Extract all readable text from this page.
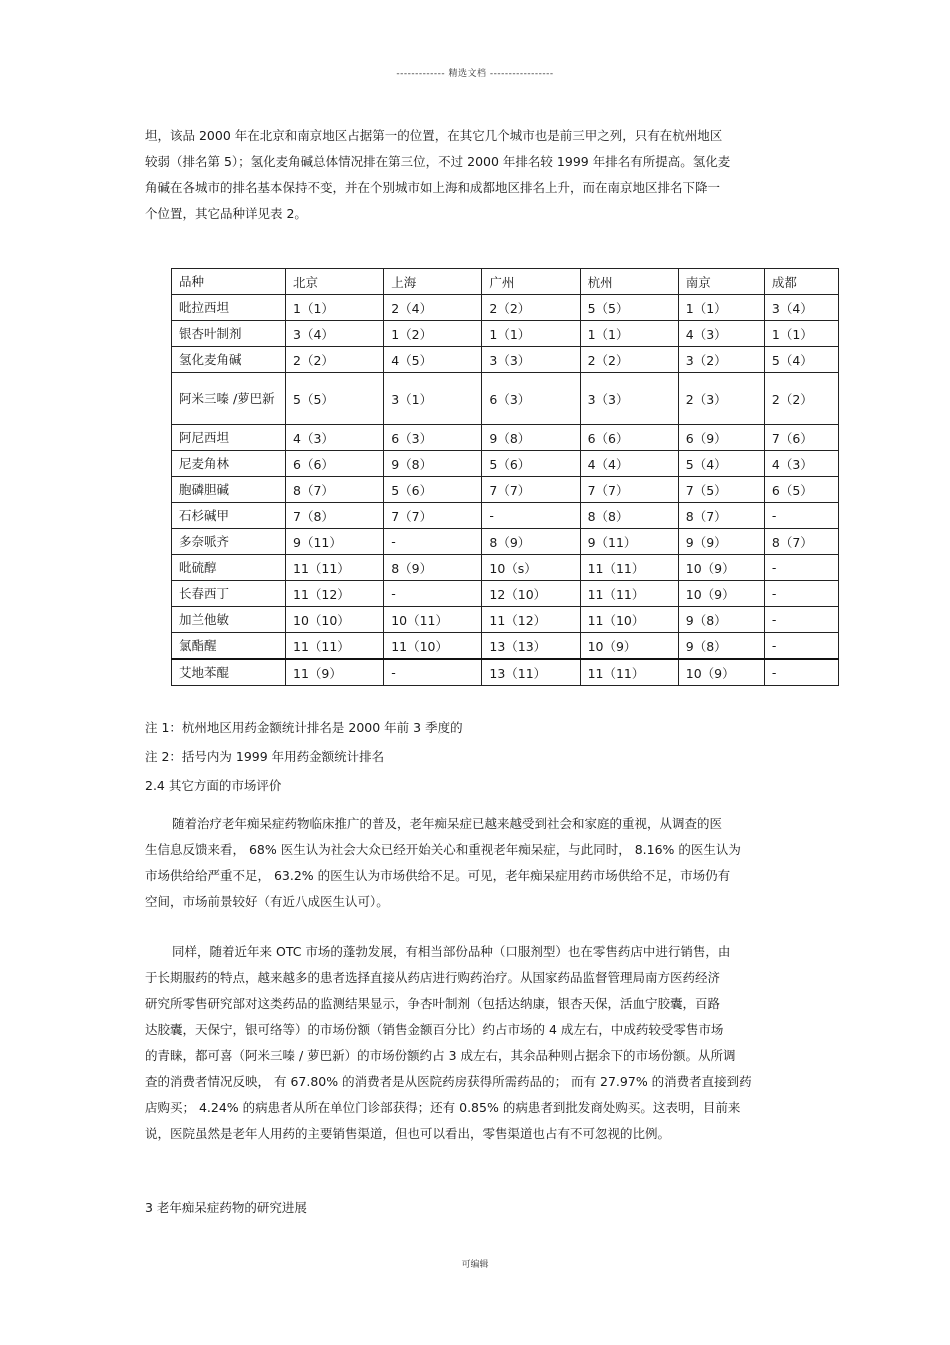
------------- 精选文档 -----------------
坦，该品 2000 年在北京和南京地区占据第一的位置，在其它几个城市也是前三甲之列，只有在杭州地区
较弱（排名第 5）；氢化麦角碱总体情况排在第三位，不过 2000 年排名较 1999 年排名有所提高。氢化麦
角碱在各城市的排名基本保持不变，并在个别城市如上海和成都地区排名上升，而在南京地区排名下降一
个位置，其它品种详见表 2。
品种	北京	上海	广州	杭州	南京	成都
吡拉西坦	1（1）	2（4）	2（2）	5（5）	1（1）	3（4）
银杏叶制剂	3（4）	1（2）	1（1）	1（1）	4（3）	1（1）
氢化麦角碱	2（2）	4（5）	3（3）	2（2）	3（2）	5（4）
阿米三嗪 /萝巴新	5（5）	3（1）	6（3）	3（3）	2（3）	2（2）
阿尼西坦	4（3）	6（3）	9（8）	6（6）	6（9）	7（6）
尼麦角林	6（6）	9（8）	5（6）	4（4）	5（4）	4（3）
胞磷胆碱	8（7）	5（6）	7（7）	7（7）	7（5）	6（5）
石杉碱甲	7（8）	7（7）	-	8（8）	8（7）	-
多奈哌齐	9（11）	-	8（9）	9（11）	9（9）	8（7）
吡硫醇	11（11）	8（9）	10（s）	11（11）	10（9）	-
长春西丁	11（12）	-	12（10）	11（11）	10（9）	-
加兰他敏	10（10）	10（11）	11（12）	11（10）	9（8）	-
氯酯醒	11（11）	11（10）	13（13）	10（9）	9（8）	-
艾地苯醌	11（9）	-	13（11）	11（11）	10（9）	-
注 1：杭州地区用药金额统计排名是 2000 年前 3 季度的
注 2：括号内为 1999 年用药金额统计排名
2.4 其它方面的市场评价
随着治疗老年痴呆症药物临床推广的普及，老年痴呆症已越来越受到社会和家庭的重视，从调查的医
生信息反馈来看， 68% 医生认为社会大众已经开始关心和重视老年痴呆症，与此同时， 8.16% 的医生认为
市场供给给严重不足， 63.2% 的医生认为市场供给不足。可见，老年痴呆症用药市场供给不足，市场仍有
空间，市场前景较好（有近八成医生认可）。
同样，随着近年来 OTC 市场的蓬勃发展，有相当部份品种（口服剂型）也在零售药店中进行销售，由
于长期服药的特点，越来越多的患者选择直接从药店进行购药治疗。从国家药品监督管理局南方医药经济
研究所零售研究部对这类药品的监测结果显示，争杏叶制剂（包括达纳康，银杏天保，活血宁胶囊，百路
达胶囊，天保宁，银可络等）的市场份额（销售金额百分比）约占市场的 4 成左右，中成药较受零售市场
的青睐，都可喜（阿米三嗪 / 萝巴新）的市场份额约占 3 成左右，其余品种则占据余下的市场份额。从所调
查的消费者情况反映， 有 67.80% 的消费者是从医院药房获得所需药品的； 而有 27.97% 的消费者直接到药
店购买； 4.24% 的病患者从所在单位门诊部获得；还有 0.85% 的病患者到批发商处购买。这表明，目前来
说，医院虽然是老年人用药的主要销售渠道，但也可以看出，零售渠道也占有不可忽视的比例。
3 老年痴呆症药物的研究进展
可编辑
